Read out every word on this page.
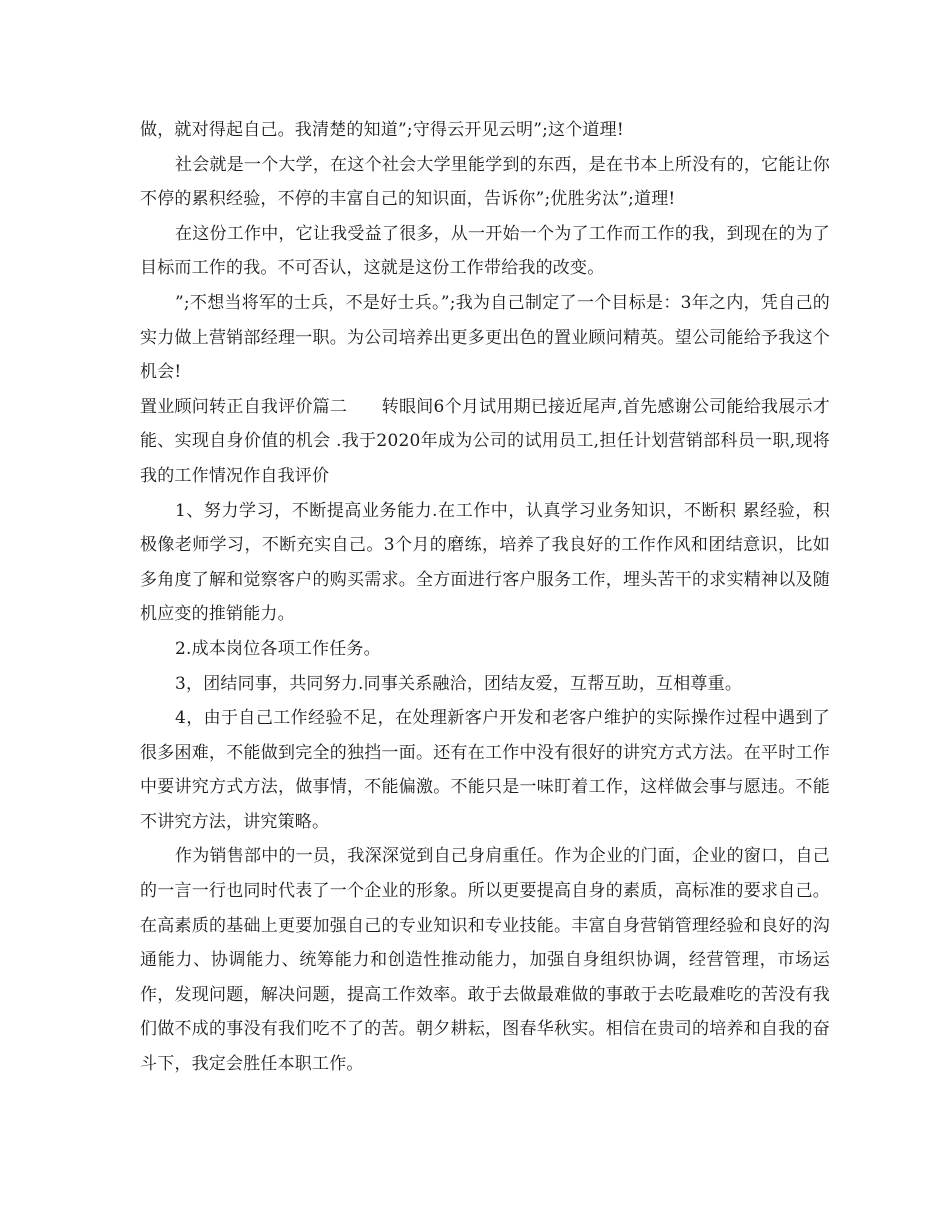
做，就对得起自己。我清楚的知道”;守得云开见云明”;这个道理!

社会就是一个大学，在这个社会大学里能学到的东西，是在书本上所没有的，它能让你不停的累积经验，不停的丰富自己的知识面，告诉你”;优胜劣汰”;道理!

在这份工作中，它让我受益了很多，从一开始一个为了工作而工作的我，到现在的为了目标而工作的我。不可否认，这就是这份工作带给我的改变。

”;不想当将军的士兵，不是好士兵。”;我为自己制定了一个目标是：3年之内，凭自己的实力做上营销部经理一职。为公司培养出更多更出色的置业顾问精英。望公司能给予我这个机会!

置业顾问转正自我评价篇二　　转眼间6个月试用期已接近尾声,首先感谢公司能给我展示才能、实现自身价值的机会 .我于2020年成为公司的试用员工,担任计划营销部科员一职,现将我的工作情况作自我评价

1、努力学习，不断提高业务能力.在工作中，认真学习业务知识，不断积 累经验，积极像老师学习，不断充实自己。3个月的磨练，培养了我良好的工作作风和团结意识，比如多角度了解和觉察客户的购买需求。全方面进行客户服务工作，埋头苦干的求实精神以及随机应变的推销能力。

2.成本岗位各项工作任务。

3，团结同事，共同努力.同事关系融洽，团结友爱，互帮互助，互相尊重。

4，由于自己工作经验不足，在处理新客户开发和老客户维护的实际操作过程中遇到了很多困难，不能做到完全的独挡一面。还有在工作中没有很好的讲究方式方法。在平时工作中要讲究方式方法，做事情，不能偏激。不能只是一味盯着工作，这样做会事与愿违。不能不讲究方法，讲究策略。

作为销售部中的一员，我深深觉到自己身肩重任。作为企业的门面，企业的窗口，自己的一言一行也同时代表了一个企业的形象。所以更要提高自身的素质，高标准的要求自己。在高素质的基础上更要加强自己的专业知识和专业技能。丰富自身营销管理经验和良好的沟通能力、协调能力、统筹能力和创造性推动能力，加强自身组织协调，经营管理，市场运作，发现问题，解决问题，提高工作效率。敢于去做最难做的事敢于去吃最难吃的苦没有我们做不成的事没有我们吃不了的苦。朝夕耕耘，图春华秋实。相信在贵司的培养和自我的奋斗下，我定会胜任本职工作。
